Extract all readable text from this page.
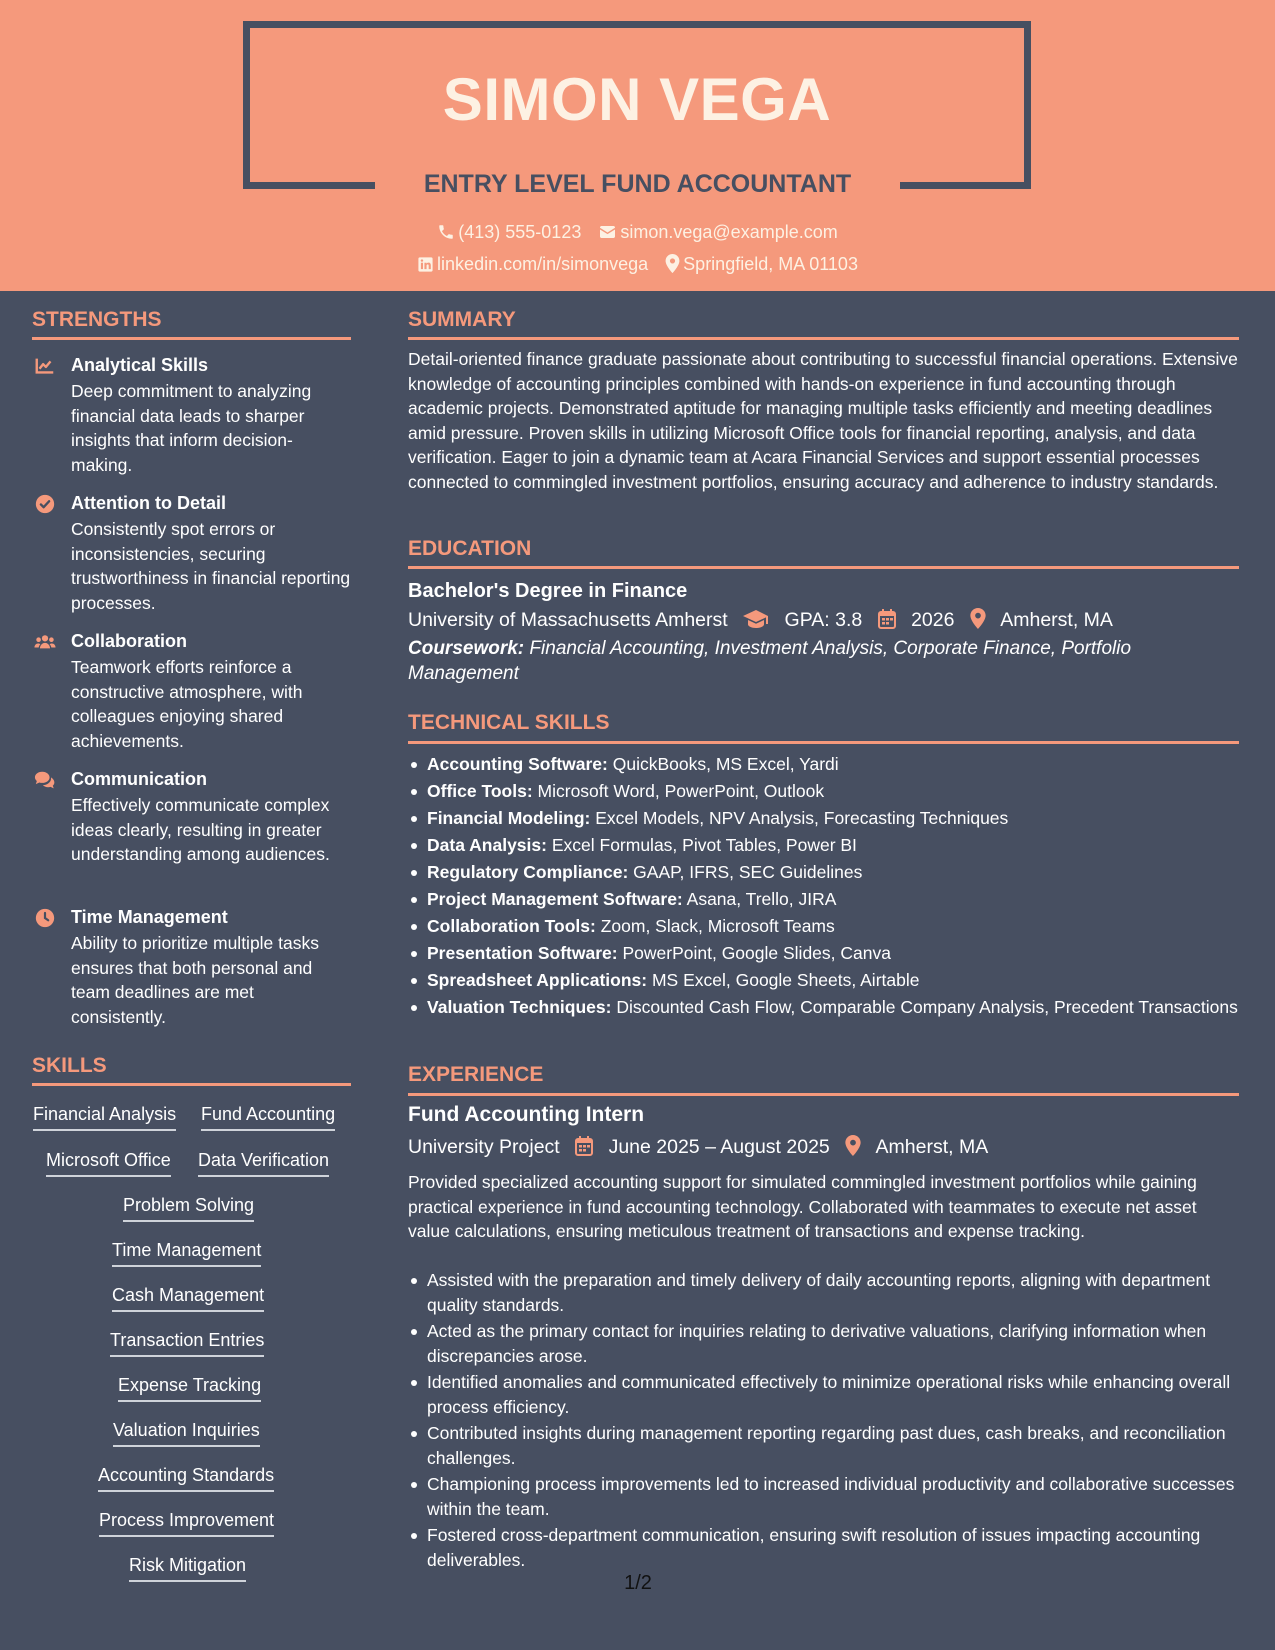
SIMON VEGA
ENTRY LEVEL FUND ACCOUNTANT
(413) 555-0123 simon.vega@example.com
linkedin.com/in/simonvega Springfield, MA 01103
STRENGTHS
Analytical Skills
Deep commitment to analyzing financial data leads to sharper insights that inform decision-making.
Attention to Detail
Consistently spot errors or inconsistencies, securing trustworthiness in financial reporting processes.
Collaboration
Teamwork efforts reinforce a constructive atmosphere, with colleagues enjoying shared achievements.
Communication
Effectively communicate complex ideas clearly, resulting in greater understanding among audiences.
Time Management
Ability to prioritize multiple tasks ensures that both personal and team deadlines are met consistently.
SKILLS
Financial Analysis Fund Accounting
Microsoft Office Data Verification
Problem Solving
Time Management
Cash Management
Transaction Entries
Expense Tracking
Valuation Inquiries
Accounting Standards
Process Improvement
Risk Mitigation
SUMMARY
Detail-oriented finance graduate passionate about contributing to successful financial operations. Extensive knowledge of accounting principles combined with hands-on experience in fund accounting through academic projects. Demonstrated aptitude for managing multiple tasks efficiently and meeting deadlines amid pressure. Proven skills in utilizing Microsoft Office tools for financial reporting, analysis, and data verification. Eager to join a dynamic team at Acara Financial Services and support essential processes connected to commingled investment portfolios, ensuring accuracy and adherence to industry standards.
EDUCATION
Bachelor's Degree in Finance
University of Massachusetts Amherst	GPA: 3.8	2026 Amherst, MA
Coursework: Financial Accounting, Investment Analysis, Corporate Finance, Portfolio Management
TECHNICAL SKILLS
Accounting Software: QuickBooks, MS Excel, Yardi
Office Tools: Microsoft Word, PowerPoint, Outlook
Financial Modeling: Excel Models, NPV Analysis, Forecasting Techniques
Data Analysis: Excel Formulas, Pivot Tables, Power BI
Regulatory Compliance: GAAP, IFRS, SEC Guidelines
Project Management Software: Asana, Trello, JIRA
Collaboration Tools: Zoom, Slack, Microsoft Teams
Presentation Software: PowerPoint, Google Slides, Canva
Spreadsheet Applications: MS Excel, Google Sheets, Airtable
Valuation Techniques: Discounted Cash Flow, Comparable Company Analysis, Precedent Transactions
EXPERIENCE
Fund Accounting Intern
University Project	June 2025 – August 2025 Amherst, MA
Provided specialized accounting support for simulated commingled investment portfolios while gaining practical experience in fund accounting technology. Collaborated with teammates to execute net asset value calculations, ensuring meticulous treatment of transactions and expense tracking.
Assisted with the preparation and timely delivery of daily accounting reports, aligning with department quality standards.
Acted as the primary contact for inquiries relating to derivative valuations, clarifying information when discrepancies arose.
Identified anomalies and communicated effectively to minimize operational risks while enhancing overall process efficiency.
Contributed insights during management reporting regarding past dues, cash breaks, and reconciliation challenges.
Championing process improvements led to increased individual productivity and collaborative successes within the team.
Fostered cross-department communication, ensuring swift resolution of issues impacting accounting deliverables.
1/2
